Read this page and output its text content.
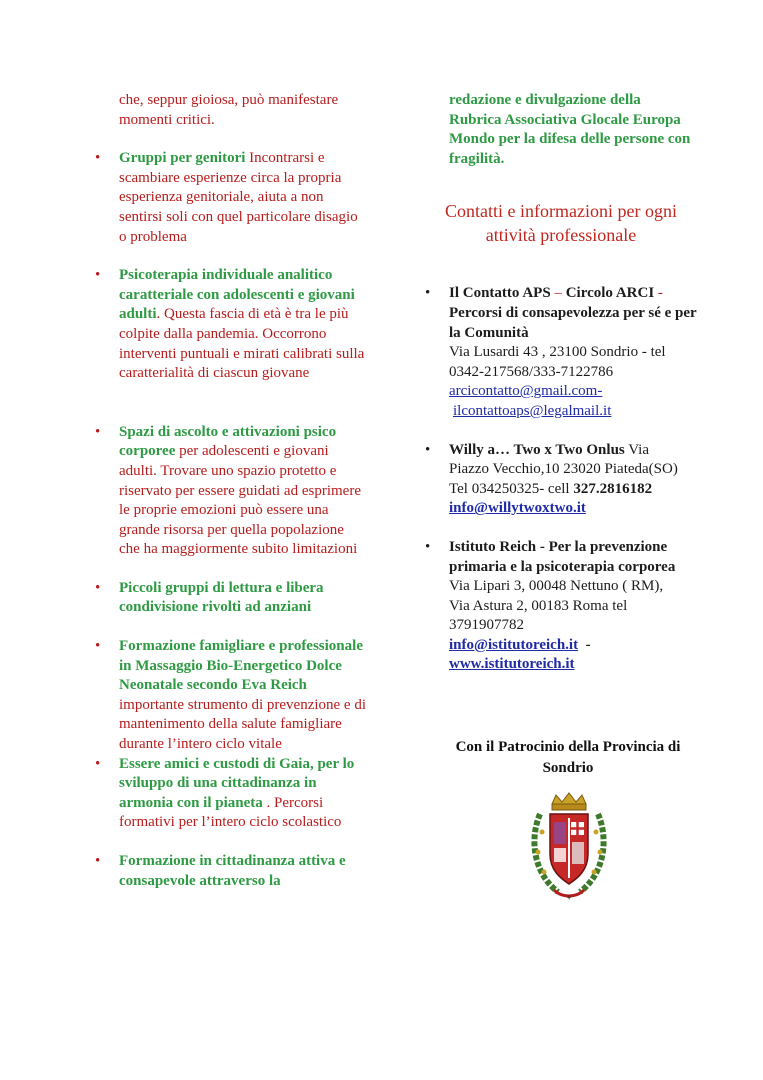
che, seppur gioiosa, può manifestare momenti critici.
• Gruppi per genitori Incontrarsi e scambiare esperienze circa la propria esperienza genitoriale, aiuta a non sentirsi soli con quel particolare disagio o problema
• Psicoterapia individuale analitico caratteriale con adolescenti e giovani adulti. Questa fascia di età è tra le più colpite dalla pandemia. Occorrono interventi puntuali e mirati calibrati sulla caratterialità di ciascun giovane
• Spazi di ascolto e attivazioni psico corporee per adolescenti e giovani adulti. Trovare uno spazio protetto e riservato per essere guidati ad esprimere le proprie emozioni può essere una grande risorsa per quella popolazione che ha maggiormente subito limitazioni
• Piccoli gruppi di lettura e libera condivisione rivolti ad anziani
• Formazione famigliare e professionale in Massaggio Bio-Energetico Dolce Neonatale secondo Eva Reich importante strumento di prevenzione e di mantenimento della salute famigliare durante l’intero ciclo vitale
• Essere amici e custodi di Gaia, per lo sviluppo di una cittadinanza in armonia con il pianeta . Percorsi formativi per l’intero ciclo scolastico
• Formazione in cittadinanza attiva e consapevole attraverso la
redazione e divulgazione della Rubrica Associativa Glocale Europa Mondo per la difesa delle persone con fragilità.
Contatti e informazioni per ogni attività professionale
• Il Contatto APS – Circolo ARCI -
Percorsi di consapevolezza per sé e per la Comunità
Via Lusardi 43 , 23100 Sondrio - tel
0342-217568/333-7122786
arcicontatto@gmail.com-
ilcontattoaps@legalmail.it
• Willy a… Two x Two Onlus Via
Piazzo Vecchio,10 23020 Piateda(SO)
Tel 034250325- cell 327.2816182
info@willytwoxtwo.it
• Istituto Reich - Per la prevenzione primaria e la psicoterapia corporea
Via Lipari 3, 00048 Nettuno ( RM),
Via Astura 2, 00183 Roma tel
3791907782
info@istitutoreich.it  -
www.istitutoreich.it
Con il Patrocinio della Provincia di Sondrio
⚘
